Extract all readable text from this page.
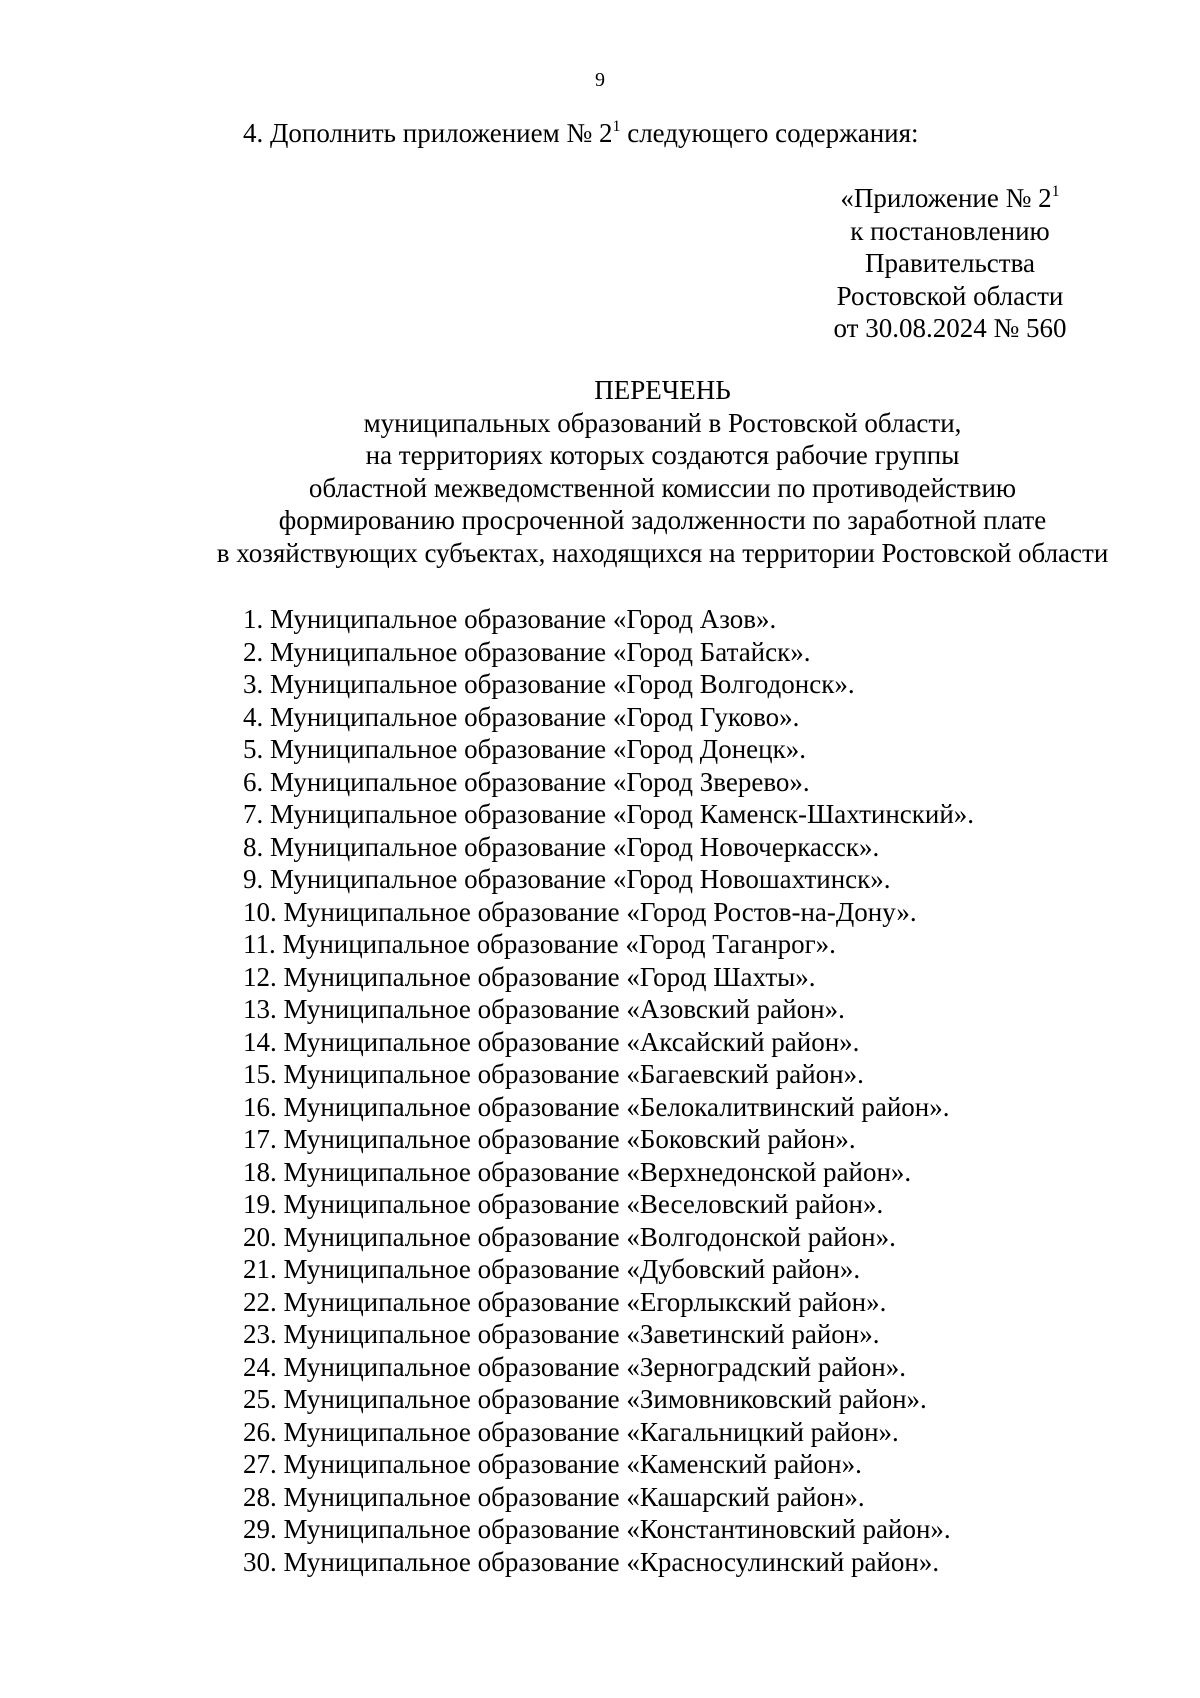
9
4. Дополнить приложением № $2^1$ следующего содержания:
«Приложение № $2^1$
к постановлению
Правительства
Ростовской области
от 30.08.2024 № 560
ПЕРЕЧЕНЬ
муниципальных образований в Ростовской области,
на территориях которых создаются рабочие группы
областной межведомственной комиссии по противодействию
формированию просроченной задолженности по заработной плате
в хозяйствующих субъектах, находящихся на территории Ростовской области
1. Муниципальное образование «Город Азов».
2. Муниципальное образование «Город Батайск».
3. Муниципальное образование «Город Волгодонск».
4. Муниципальное образование «Город Гуково».
5. Муниципальное образование «Город Донецк».
6. Муниципальное образование «Город Зверево».
7. Муниципальное образование «Город Каменск-Шахтинский».
8. Муниципальное образование «Город Новочеркасск».
9. Муниципальное образование «Город Новошахтинск».
10. Муниципальное образование «Город Ростов-на-Дону».
11. Муниципальное образование «Город Таганрог».
12. Муниципальное образование «Город Шахты».
13. Муниципальное образование «Азовский район».
14. Муниципальное образование «Аксайский район».
15. Муниципальное образование «Багаевский район».
16. Муниципальное образование «Белокалитвинский район».
17. Муниципальное образование «Боковский район».
18. Муниципальное образование «Верхнедонской район».
19. Муниципальное образование «Веселовский район».
20. Муниципальное образование «Волгодонской район».
21. Муниципальное образование «Дубовский район».
22. Муниципальное образование «Егорлыкский район».
23. Муниципальное образование «Заветинский район».
24. Муниципальное образование «Зерноградский район».
25. Муниципальное образование «Зимовниковский район».
26. Муниципальное образование «Кагальницкий район».
27. Муниципальное образование «Каменский район».
28. Муниципальное образование «Кашарский район».
29. Муниципальное образование «Константиновский район».
30. Муниципальное образование «Красносулинский район».
